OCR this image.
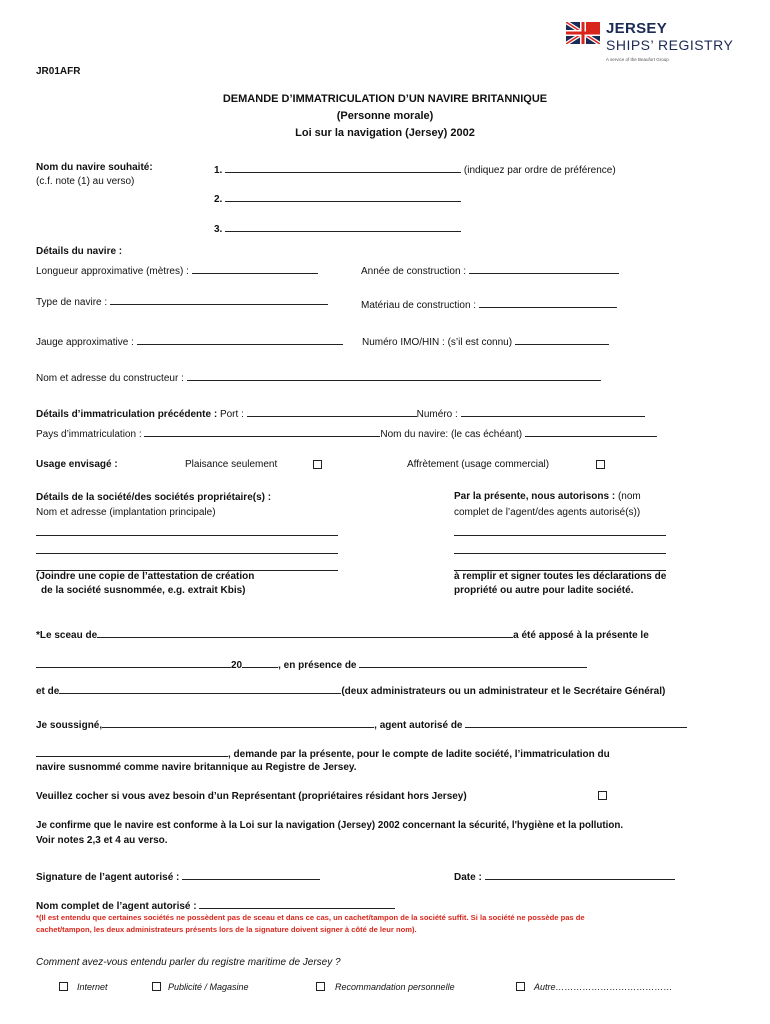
JERSEY
SHIPS’ REGISTRY
A service of the Beaufort Group
JR01AFR
DEMANDE D’IMMATRICULATION D’UN NAVIRE BRITANNIQUE
(Personne morale)
Loi sur la navigation (Jersey) 2002
Nom du navire souhaité:
(c.f. note (1) au verso)
1.	(indiquez par ordre de préférence)
2.
3.
Détails du navire :
Longueur approximative (mètres) :	Année de construction :
Type de navire :	Matériau de construction :
Jauge approximative :	Numéro IMO/HIN : (s’il est connu)
Nom et adresse du constructeur :
Détails d’immatriculation précédente : Port :	Numéro :
Pays d’immatriculation :	Nom du navire: (le cas échéant)
Usage envisagé :	Plaisance seulement	Affrètement (usage commercial)
Détails de la société/des sociétés propriétaire(s) :
Nom et adresse (implantation principale)
(Joindre une copie de l’attestation de création
de la société susnommée, e.g. extrait Kbis)
Par la présente, nous autorisons : (nom
complet de l’agent/des agents autorisé(s))
à remplir et signer toutes les déclarations de
propriété ou autre pour ladite société.
*Le sceau de	a été apposé à la présente le
20	, en présence de
et de	(deux administrateurs ou un administrateur et le Secrétaire Général)
Je soussigné,	, agent autorisé de
, demande par la présente, pour le compte de ladite société, l’immatriculation du
navire susnommé comme navire britannique au Registre de Jersey.
Veuillez cocher si vous avez besoin d’un Représentant (propriétaires résidant hors Jersey)
Je confirme que le navire est conforme à la Loi sur la navigation (Jersey) 2002 concernant la sécurité, l'hygiène et la pollution.
Voir notes 2,3 et 4 au verso.
Signature de l’agent autorisé :	Date :
Nom complet de l’agent autorisé :
*(Il est entendu que certaines sociétés ne possèdent pas de sceau et dans ce cas, un cachet/tampon de la société suffit. Si la société ne possède pas de
cachet/tampon, les deux administrateurs présents lors de la signature doivent signer à côté de leur nom).
Comment avez-vous entendu parler du registre maritime de Jersey ?
Internet	Publicité / Magasine	Recommandation personnelle	Autre…………………………………
